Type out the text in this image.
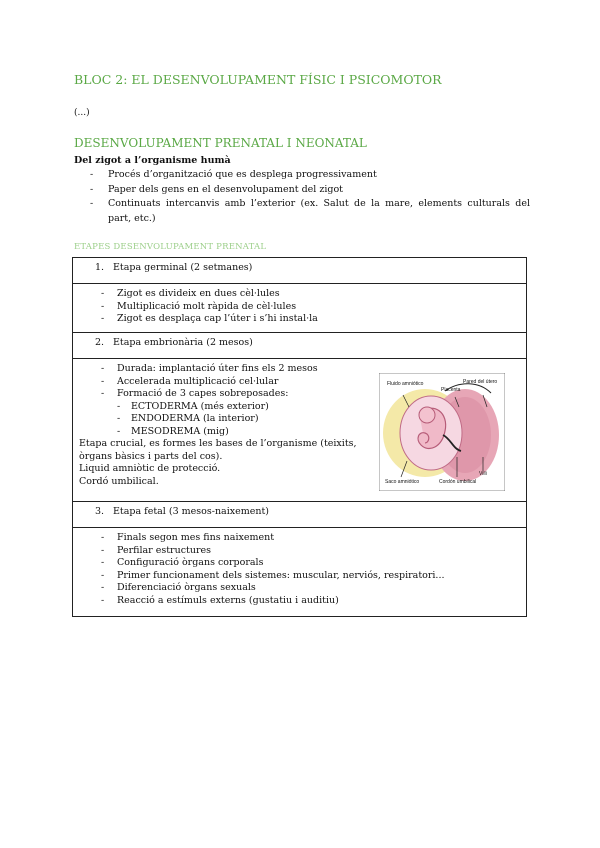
BLOC 2: EL DESENVOLUPAMENT FÍSIC I PSICOMOTOR
(...)
DESENVOLUPAMENT PRENATAL I NEONATAL
Del zigot a l’organisme humà
- Procés d’organització que es desplega progressivament
- Paper dels gens en el desenvolupament del zigot
- Continuats intercanvis amb l’exterior (ex. Salut de la mare, elements culturals del part, etc.)
ETAPES DESENVOLUPAMENT PRENATAL
1. Etapa germinal (2 setmanes)

- Zigot es divideix en dues cèl·lules
- Multiplicació molt ràpida de cèl·lules
- Zigot es desplaça cap l’úter i s’hi instal·la

2. Etapa embrionària (2 mesos)

- Durada: implantació úter fins els 2 mesos
- Accelerada multiplicació cel·lular
- Formació de 3 capes sobreposades:
- ECTODERMA (més exterior)
- ENDODERMA (la interior)
- MESODREMA (mig)

Etapa crucial, es formes les bases de l’organisme (teixits, òrgans bàsics i parts del cos).

Liquid amniòtic de protecció.

Cordó umbilical.

Fluido amniótico	Pared del útero
Placenta
Saco amniótico	Cordón umbilical
Villi

3. Etapa fetal (3 mesos-naixement)

- Finals segon mes fins naixement
- Perfilar estructures
- Configuració òrgans corporals
- Primer funcionament dels sistemes: muscular, nerviós, respiratori...
- Diferenciació òrgans sexuals
- Reacció a estímuls externs (gustatiu i auditiu)
